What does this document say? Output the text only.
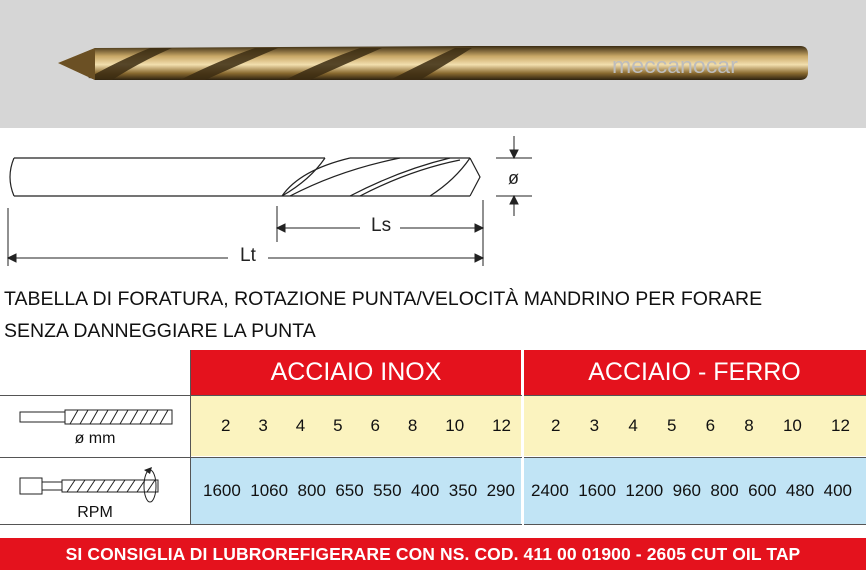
meccanocar
ø
Ls
Lt
TABELLA DI FORATURA, ROTAZIONE PUNTA/VELOCITÀ MANDRINO PER FORARE
SENZA DANNEGGIARE LA PUNTA
ACCIAIO INOX	ACCIAIO - FERRO
ø mm
RPM
2 3 4 5 6 8 10 12 2 3 4 5 6 8 10 12
1600 1060 800 650 550 400 350 290 2400 1600 1200 960 800 600 480 400
SI CONSIGLIA DI LUBROREFIGERARE CON NS. COD. 411 00 01900 - 2605 CUT OIL TAP
